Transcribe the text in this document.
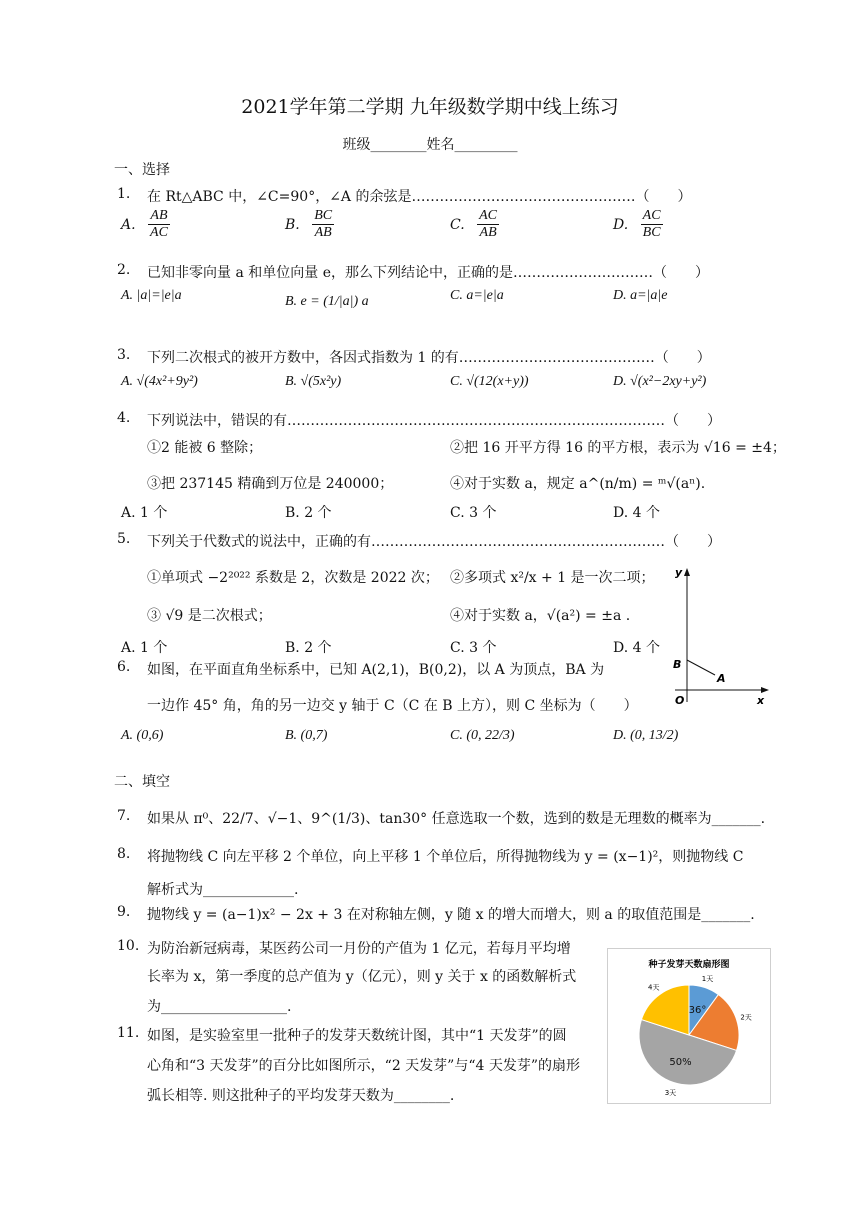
2021学年第二学期 九年级数学期中线上练习
班级________姓名_________
一、选择
1. 在 Rt△ABC 中，∠C=90°，∠A 的余弦是…………………………………………（　　）
A. $\frac{AB}{AC}$	B. $\frac{BC}{AB}$	C. $\frac{AC}{AB}$	D. $\frac{AC}{BC}$
2. 已知非零向量 a 和单位向量 e，那么下列结论中，正确的是…………………………（　　）
A. |a|=|e|a	B. e = (1/|a|) a	C. a=|e|a	D. a=|a|e
3. 下列二次根式的被开方数中，各因式指数为 1 的有……………………………………（　　）
A. √(4x²+9y²)	B. √(5x²y)	C. √(12(x+y))	D. √(x²−2xy+y²)
4. 下列说法中，错误的有………………………………………………………………………（　　）
①2 能被 6 整除；	②把 16 开平方得 16 的平方根，表示为 √16 = ±4；
③把 237145 精确到万位是 240000；	④对于实数 a，规定 a^(n/m) = ᵐ√(aⁿ).
A. 1 个	B. 2 个	C. 3 个	D. 4 个
5. 下列关于代数式的说法中，正确的有………………………………………………………（　　）
①单项式 −2²⁰²² 系数是 2，次数是 2022 次； ②多项式 x²/x + 1 是一次二项；
③ √9 是二次根式；	④对于实数 a，√(a²) = ±a .
A. 1 个	B. 2 个	C. 3 个	D. 4 个
y
x
O
B
A
6. 如图，在平面直角坐标系中，已知 A(2,1)，B(0,2)，以 A 为顶点，BA 为
一边作 45° 角，角的另一边交 y 轴于 C（C 在 B 上方），则 C 坐标为（　　）
A. (0,6)	B. (0,7)	C. (0, 22/3)	D. (0, 13/2)
二、填空
7. 如果从 π⁰、22/7、√−1、9^(1/3)、tan30° 任意选取一个数，选到的数是无理数的概率为_______.
8. 将抛物线 C 向左平移 2 个单位，向上平移 1 个单位后，所得抛物线为 y = (x−1)²，则抛物线 C
解析式为_____________.
9. 抛物线 y = (a−1)x² − 2x + 3 在对称轴左侧，y 随 x 的增大而增大，则 a 的取值范围是_______.
10. 为防治新冠病毒，某医药公司一月份的产值为 1 亿元，若每月平均增
长率为 x，第一季度的总产值为 y（亿元），则 y 关于 x 的函数解析式
为__________________.
11. 如图，是实验室里一批种子的发芽天数统计图，其中“1 天发芽”的圆
心角和“3 天发芽”的百分比如图所示，“2 天发芽”与“4 天发芽”的扇形
弧长相等. 则这批种子的平均发芽天数为________.
种子发芽天数扇形图
1天
36°
2天
3天
50%
4天
